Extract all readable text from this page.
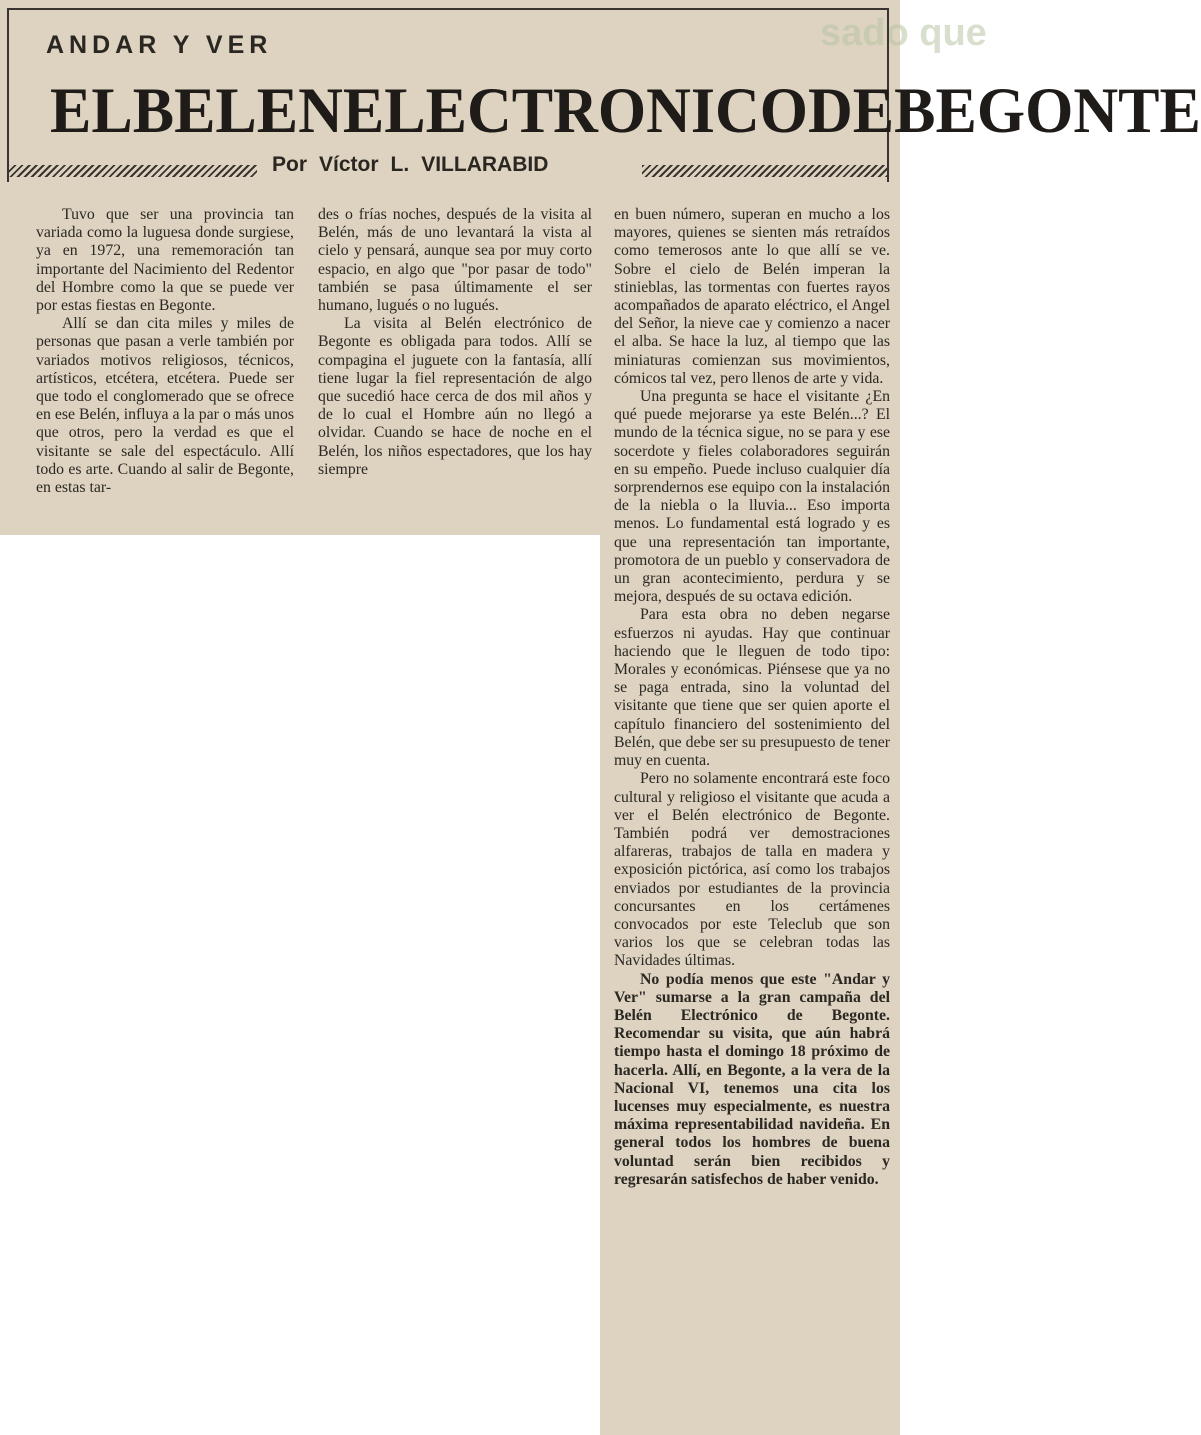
sado que
ANDAR Y VER
EL BELEN ELECTRONICO DE BEGONTE
Por Víctor L. VILLARABID

Tuvo que ser una provincia tan variada como la luguesa donde surgiese, ya en 1972, una rememoración tan importante del Nacimiento del Redentor del Hombre como la que se puede ver por estas fiestas en Begonte.

Allí se dan cita miles y miles de personas que pasan a verle también por variados motivos religiosos, técnicos, artísticos, etcétera, etcétera. Puede ser que todo el conglomerado que se ofrece en ese Belén, influya a la par o más unos que otros, pero la verdad es que el visitante se sale del espectáculo. Allí todo es arte. Cuando al salir de Begonte, en estas tar-

des o frías noches, después de la visita al Belén, más de uno levantará la vista al cielo y pensará, aunque sea por muy corto espacio, en algo que "por pasar de todo" también se pasa últimamente el ser humano, lugués o no lugués.

La visita al Belén electrónico de Begonte es obligada para todos. Allí se compagina el juguete con la fantasía, allí tiene lugar la fiel representación de algo que sucedió hace cerca de dos mil años y de lo cual el Hombre aún no llegó a olvidar. Cuando se hace de noche en el Belén, los niños espectadores, que los hay siempre

en buen número, superan en mucho a los mayores, quienes se sienten más retraídos como temerosos ante lo que allí se ve. Sobre el cielo de Belén imperan la stinieblas, las tormentas con fuertes rayos acompañados de aparato eléctrico, el Angel del Señor, la nieve cae y comienzo a nacer el alba. Se hace la luz, al tiempo que las miniaturas comienzan sus movimientos, cómicos tal vez, pero llenos de arte y vida.

Una pregunta se hace el visitante ¿En qué puede mejorarse ya este Belén...? El mundo de la técnica sigue, no se para y ese socerdote y fieles colaboradores seguirán en su empeño. Puede incluso cualquier día sorprendernos ese equipo con la instalación de la niebla o la lluvia... Eso importa menos. Lo fundamental está logrado y es que una representación tan importante, promotora de un pueblo y conservadora de un gran acontecimiento, perdura y se mejora, después de su octava edición.

Para esta obra no deben negarse esfuerzos ni ayudas. Hay que continuar haciendo que le lleguen de todo tipo: Morales y económicas. Piénsese que ya no se paga entrada, sino la voluntad del visitante que tiene que ser quien aporte el capítulo financiero del sostenimiento del Belén, que debe ser su presupuesto de tener muy en cuenta.

Pero no solamente encontrará este foco cultural y religioso el visitante que acuda a ver el Belén electrónico de Begonte. También podrá ver demostraciones alfareras, trabajos de talla en madera y exposición pictórica, así como los trabajos enviados por estudiantes de la provincia concursantes en los certámenes convocados por este Teleclub que son varios los que se celebran todas las Navidades últimas.

No podía menos que este "Andar y Ver" sumarse a la gran campaña del Belén Electrónico de Begonte. Recomendar su visita, que aún habrá tiempo hasta el domingo 18 próximo de hacerla. Allí, en Begonte, a la vera de la Nacional VI, tenemos una cita los lucenses muy especialmente, es nuestra máxima representabilidad navideña. En general todos los hombres de buena voluntad serán bien recibidos y regresarán satisfechos de haber venido.
